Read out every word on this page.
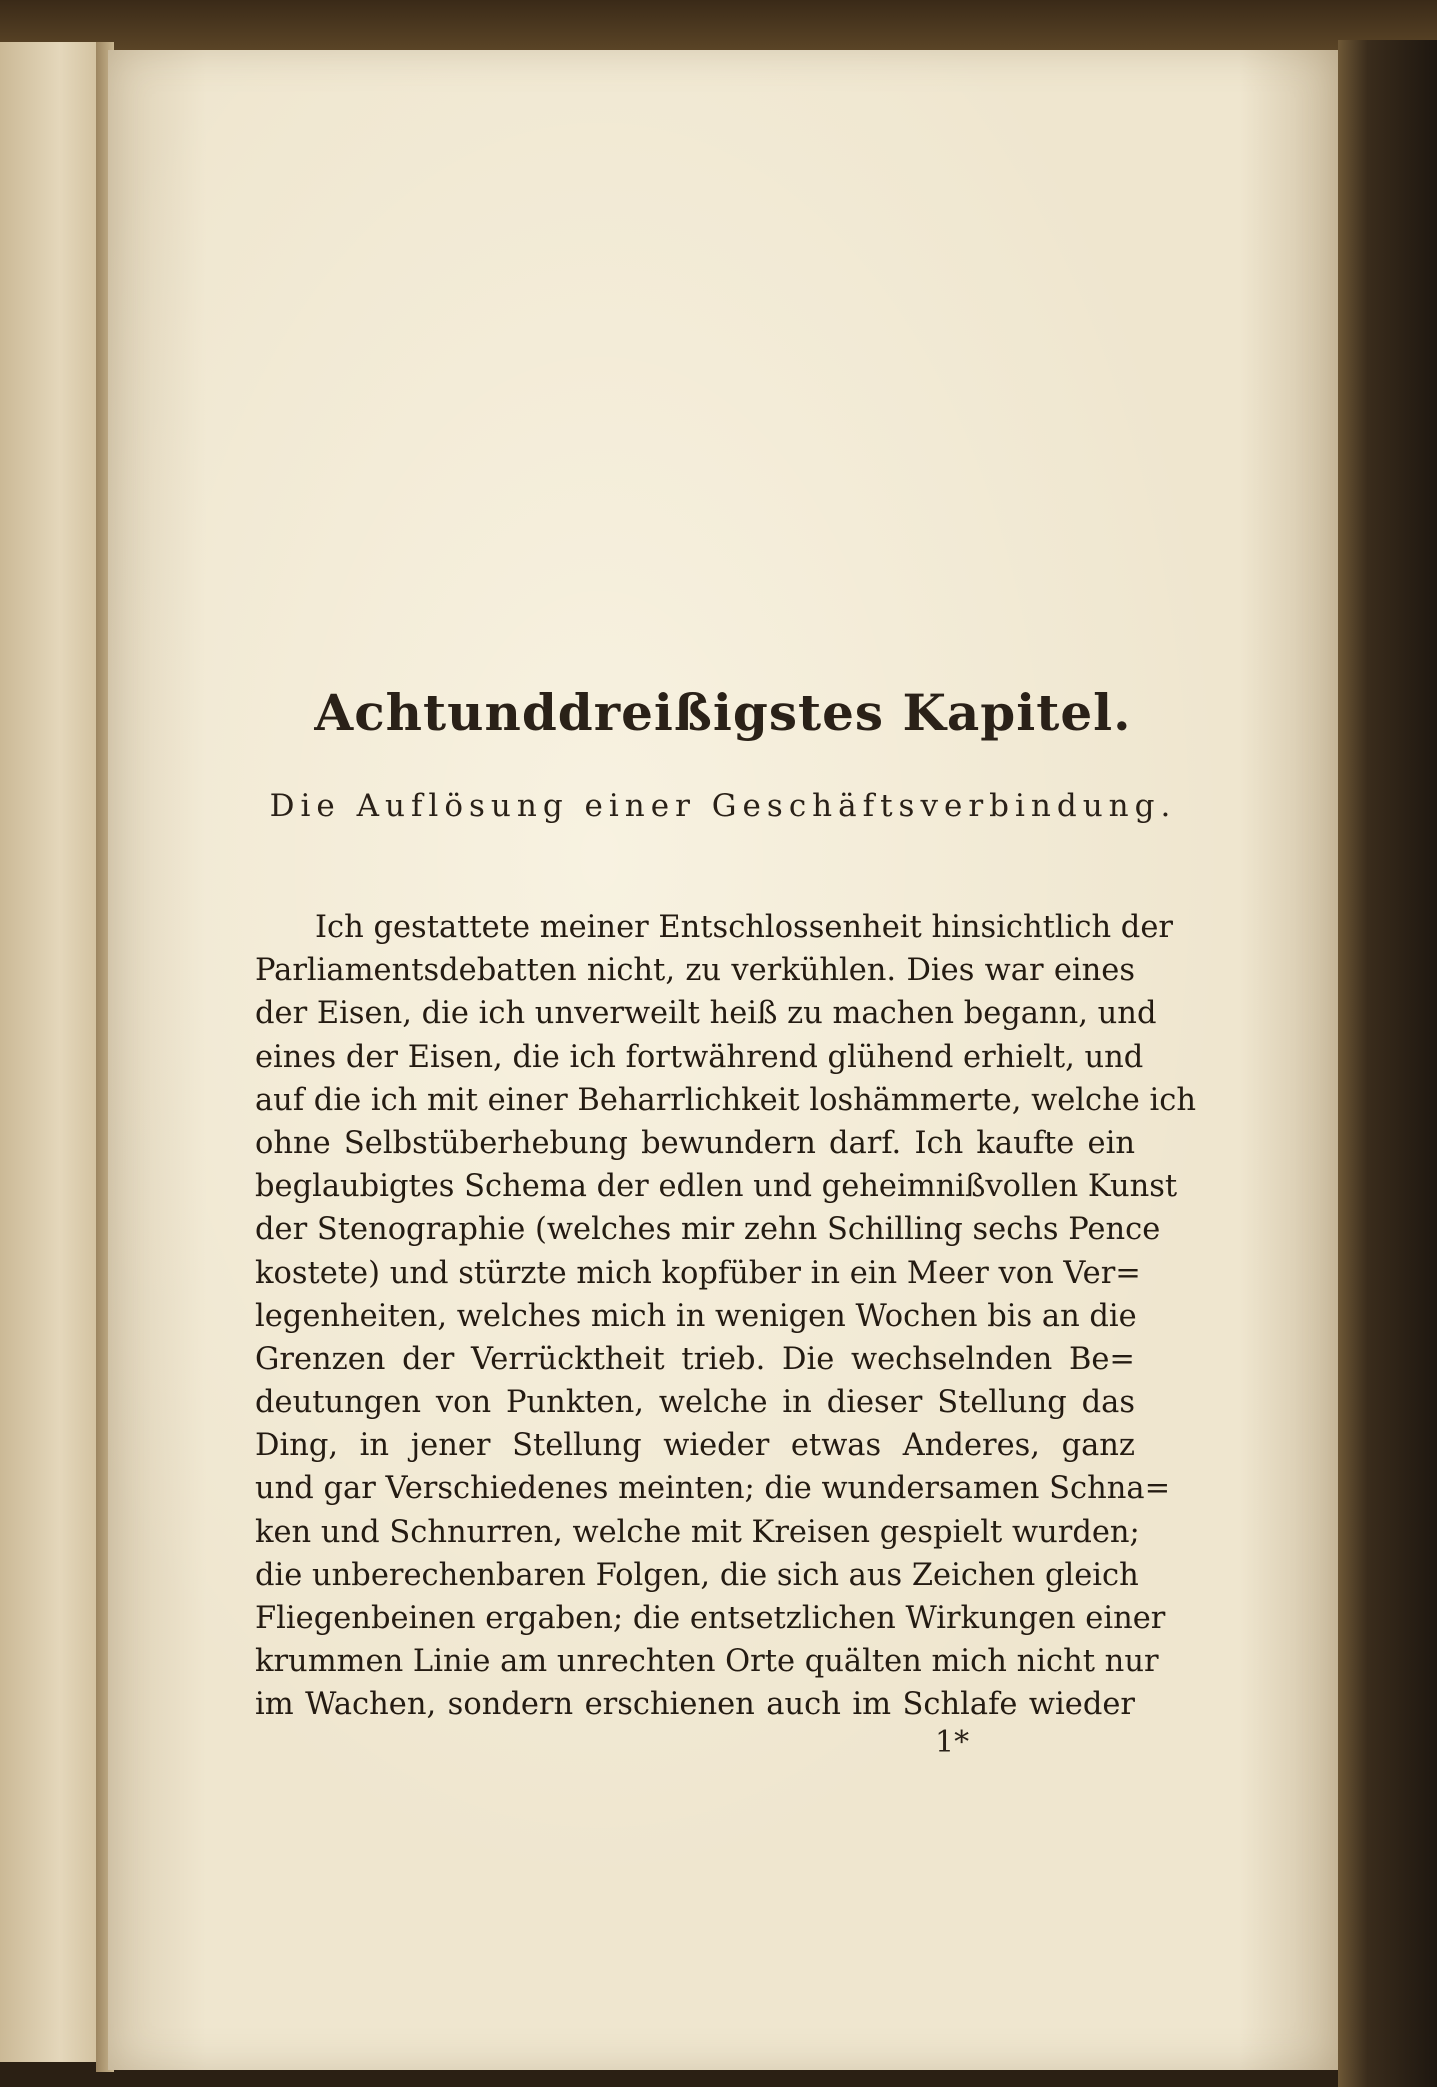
Achtunddreißigstes Kapitel.
Die Auflösung einer Geschäftsverbindung.
Ich gestattete meiner Entschlossenheit hinsichtlich der
Parliamentsdebatten nicht, zu verkühlen. Dies war eines
der Eisen, die ich unverweilt heiß zu machen begann, und
eines der Eisen, die ich fortwährend glühend erhielt, und
auf die ich mit einer Beharrlichkeit loshämmerte, welche ich
ohne Selbstüberhebung bewundern darf. Ich kaufte ein
beglaubigtes Schema der edlen und geheimnißvollen Kunst
der Stenographie (welches mir zehn Schilling sechs Pence
kostete) und stürzte mich kopfüber in ein Meer von Ver=
legenheiten, welches mich in wenigen Wochen bis an die
Grenzen der Verrücktheit trieb. Die wechselnden Be=
deutungen von Punkten, welche in dieser Stellung das
Ding, in jener Stellung wieder etwas Anderes, ganz
und gar Verschiedenes meinten; die wundersamen Schna=
ken und Schnurren, welche mit Kreisen gespielt wurden;
die unberechenbaren Folgen, die sich aus Zeichen gleich
Fliegenbeinen ergaben; die entsetzlichen Wirkungen einer
krummen Linie am unrechten Orte quälten mich nicht nur
im Wachen, sondern erschienen auch im Schlafe wieder
1*
